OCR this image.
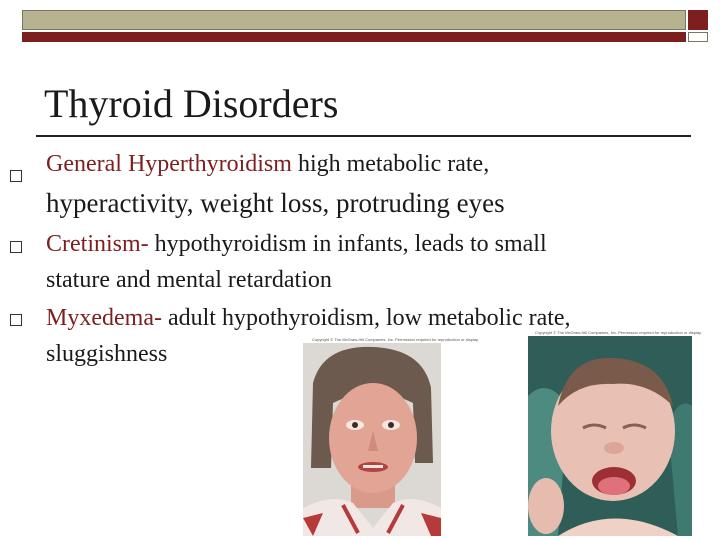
Thyroid Disorders
General Hyperthyroidism high metabolic rate,
hyperactivity, weight loss, protruding eyes
Cretinism- hypothyroidism in infants, leads to small
stature and mental retardation
Myxedema- adult hypothyroidism, low metabolic rate,
sluggishness
Copyright © The McGraw-Hill Companies, Inc. Permission required for reproduction or display.
Copyright © The McGraw-Hill Companies, Inc. Permission required for reproduction or display.
